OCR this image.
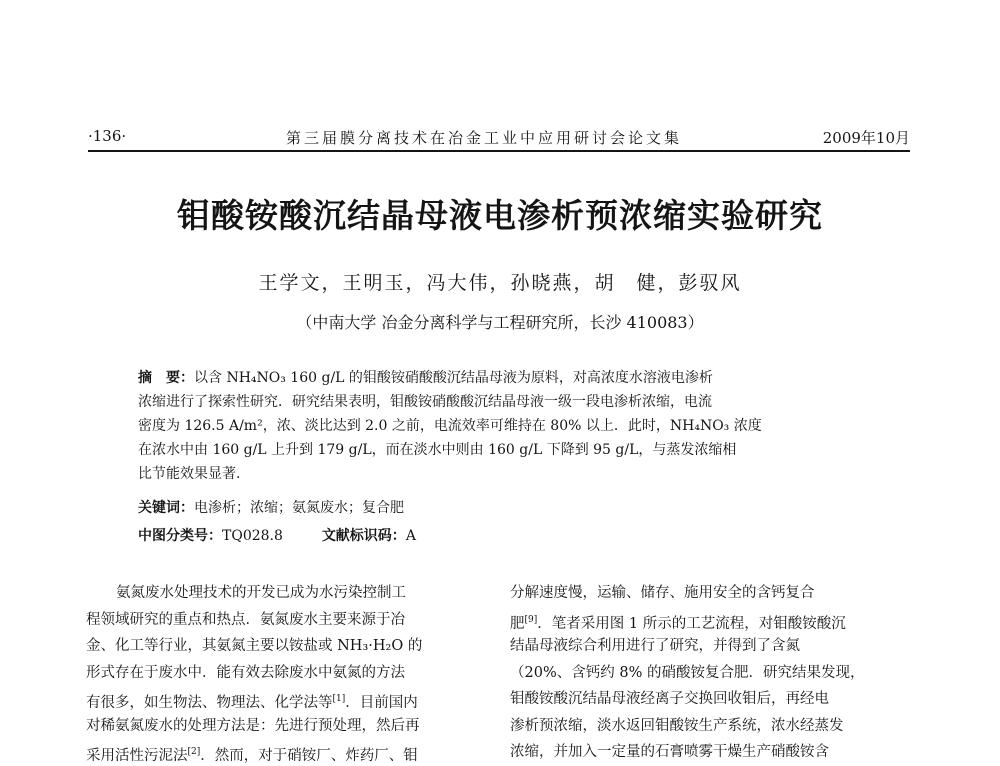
·136·	第三届膜分离技术在冶金工业中应用研讨会论文集	2009年10月
钼酸铵酸沉结晶母液电渗析预浓缩实验研究
王学文，王明玉，冯大伟，孙晓燕，胡　健，彭驭风
（中南大学 冶金分离科学与工程研究所，长沙 410083）
摘　要：以含 NH₄NO₃ 160 g/L 的钼酸铵硝酸酸沉结晶母液为原料，对高浓度水溶液电渗析
浓缩进行了探索性研究．研究结果表明，钼酸铵硝酸酸沉结晶母液一级一段电渗析浓缩，电流
密度为 126.5 A/m²，浓、淡比达到 2.0 之前，电流效率可维持在 80% 以上．此时，NH₄NO₃ 浓度
在浓水中由 160 g/L 上升到 179 g/L，而在淡水中则由 160 g/L 下降到 95 g/L，与蒸发浓缩相
比节能效果显著.
关键词：电渗析；浓缩；氨氮废水；复合肥
中图分类号：TQ028.8	文献标识码：A
氨氮废水处理技术的开发已成为水污染控制工
程领域研究的重点和热点．氨氮废水主要来源于冶
金、化工等行业，其氨氮主要以铵盐或 NH₃·H₂O 的
形式存在于废水中．能有效去除废水中氨氮的方法
有很多，如生物法、物理法、化学法等[1]．目前国内
对稀氨氮废水的处理方法是：先进行预处理，然后再
采用活性污泥法[2]．然而，对于硝铵厂、炸药厂、钼
分解速度慢，运输、储存、施用安全的含钙复合
肥[9]．笔者采用图 1 所示的工艺流程，对钼酸铵酸沉
结晶母液综合利用进行了研究，并得到了含氮
（20%、含钙约 8% 的硝酸铵复合肥．研究结果发现，
钼酸铵酸沉结晶母液经离子交换回收钼后，再经电
渗析预浓缩，淡水返回钼酸铵生产系统，浓水经蒸发
浓缩，并加入一定量的石膏喷雾干燥生产硝酸铵含
